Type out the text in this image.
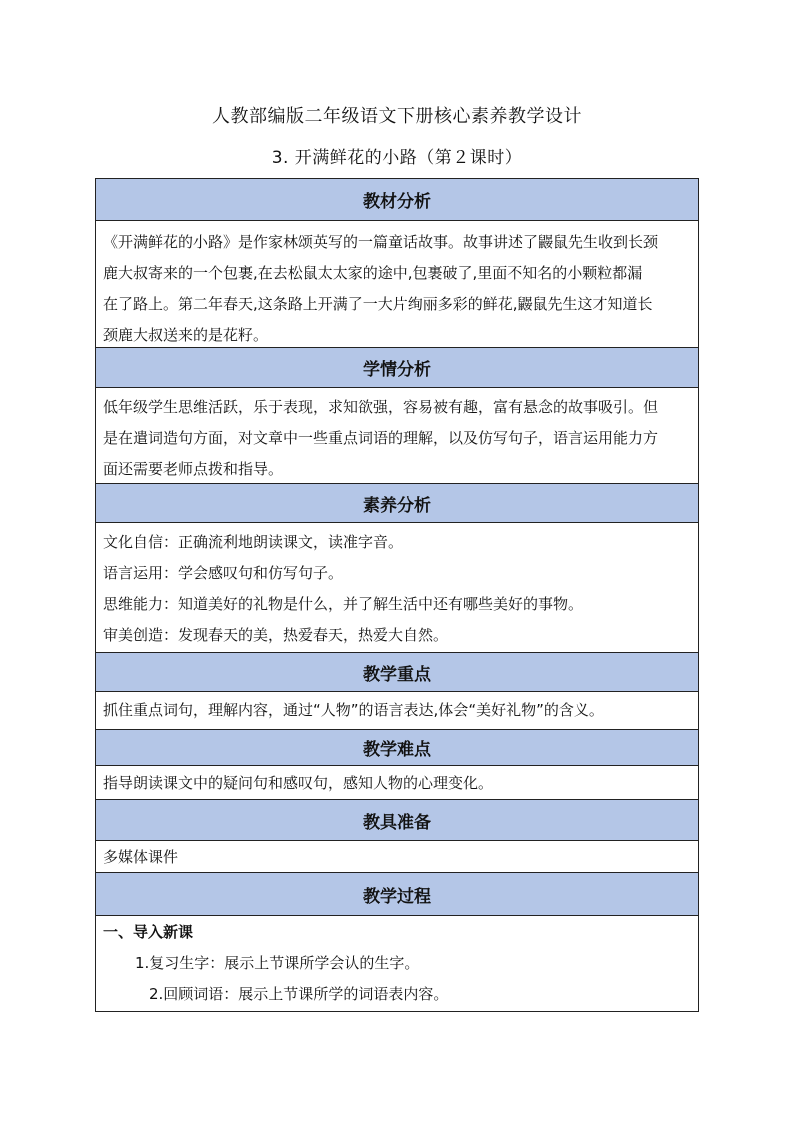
人教部编版二年级语文下册核心素养教学设计
3. 开满鲜花的小路（第２课时）
教材分析
《开满鲜花的小路》是作家林颂英写的一篇童话故事。故事讲述了鼹鼠先生收到长颈
鹿大叔寄来的一个包裹,在去松鼠太太家的途中,包裹破了,里面不知名的小颗粒都漏
在了路上。第二年春天,这条路上开满了一大片绚丽多彩的鲜花,鼹鼠先生这才知道长
颈鹿大叔送来的是花籽。
学情分析
低年级学生思维活跃，乐于表现，求知欲强，容易被有趣，富有悬念的故事吸引。但
是在遣词造句方面，对文章中一些重点词语的理解，以及仿写句子，语言运用能力方
面还需要老师点拨和指导。
素养分析
文化自信：正确流利地朗读课文，读准字音。
语言运用：学会感叹句和仿写句子。
思维能力：知道美好的礼物是什么，并了解生活中还有哪些美好的事物。
审美创造：发现春天的美，热爱春天，热爱大自然。
教学重点
抓住重点词句，理解内容，通过“人物”的语言表达,体会“美好礼物”的含义。
教学难点
指导朗读课文中的疑问句和感叹句，感知人物的心理变化。
教具准备
多媒体课件
教学过程
一、导入新课
1.复习生字：展示上节课所学会认的生字。
2.回顾词语：展示上节课所学的词语表内容。
